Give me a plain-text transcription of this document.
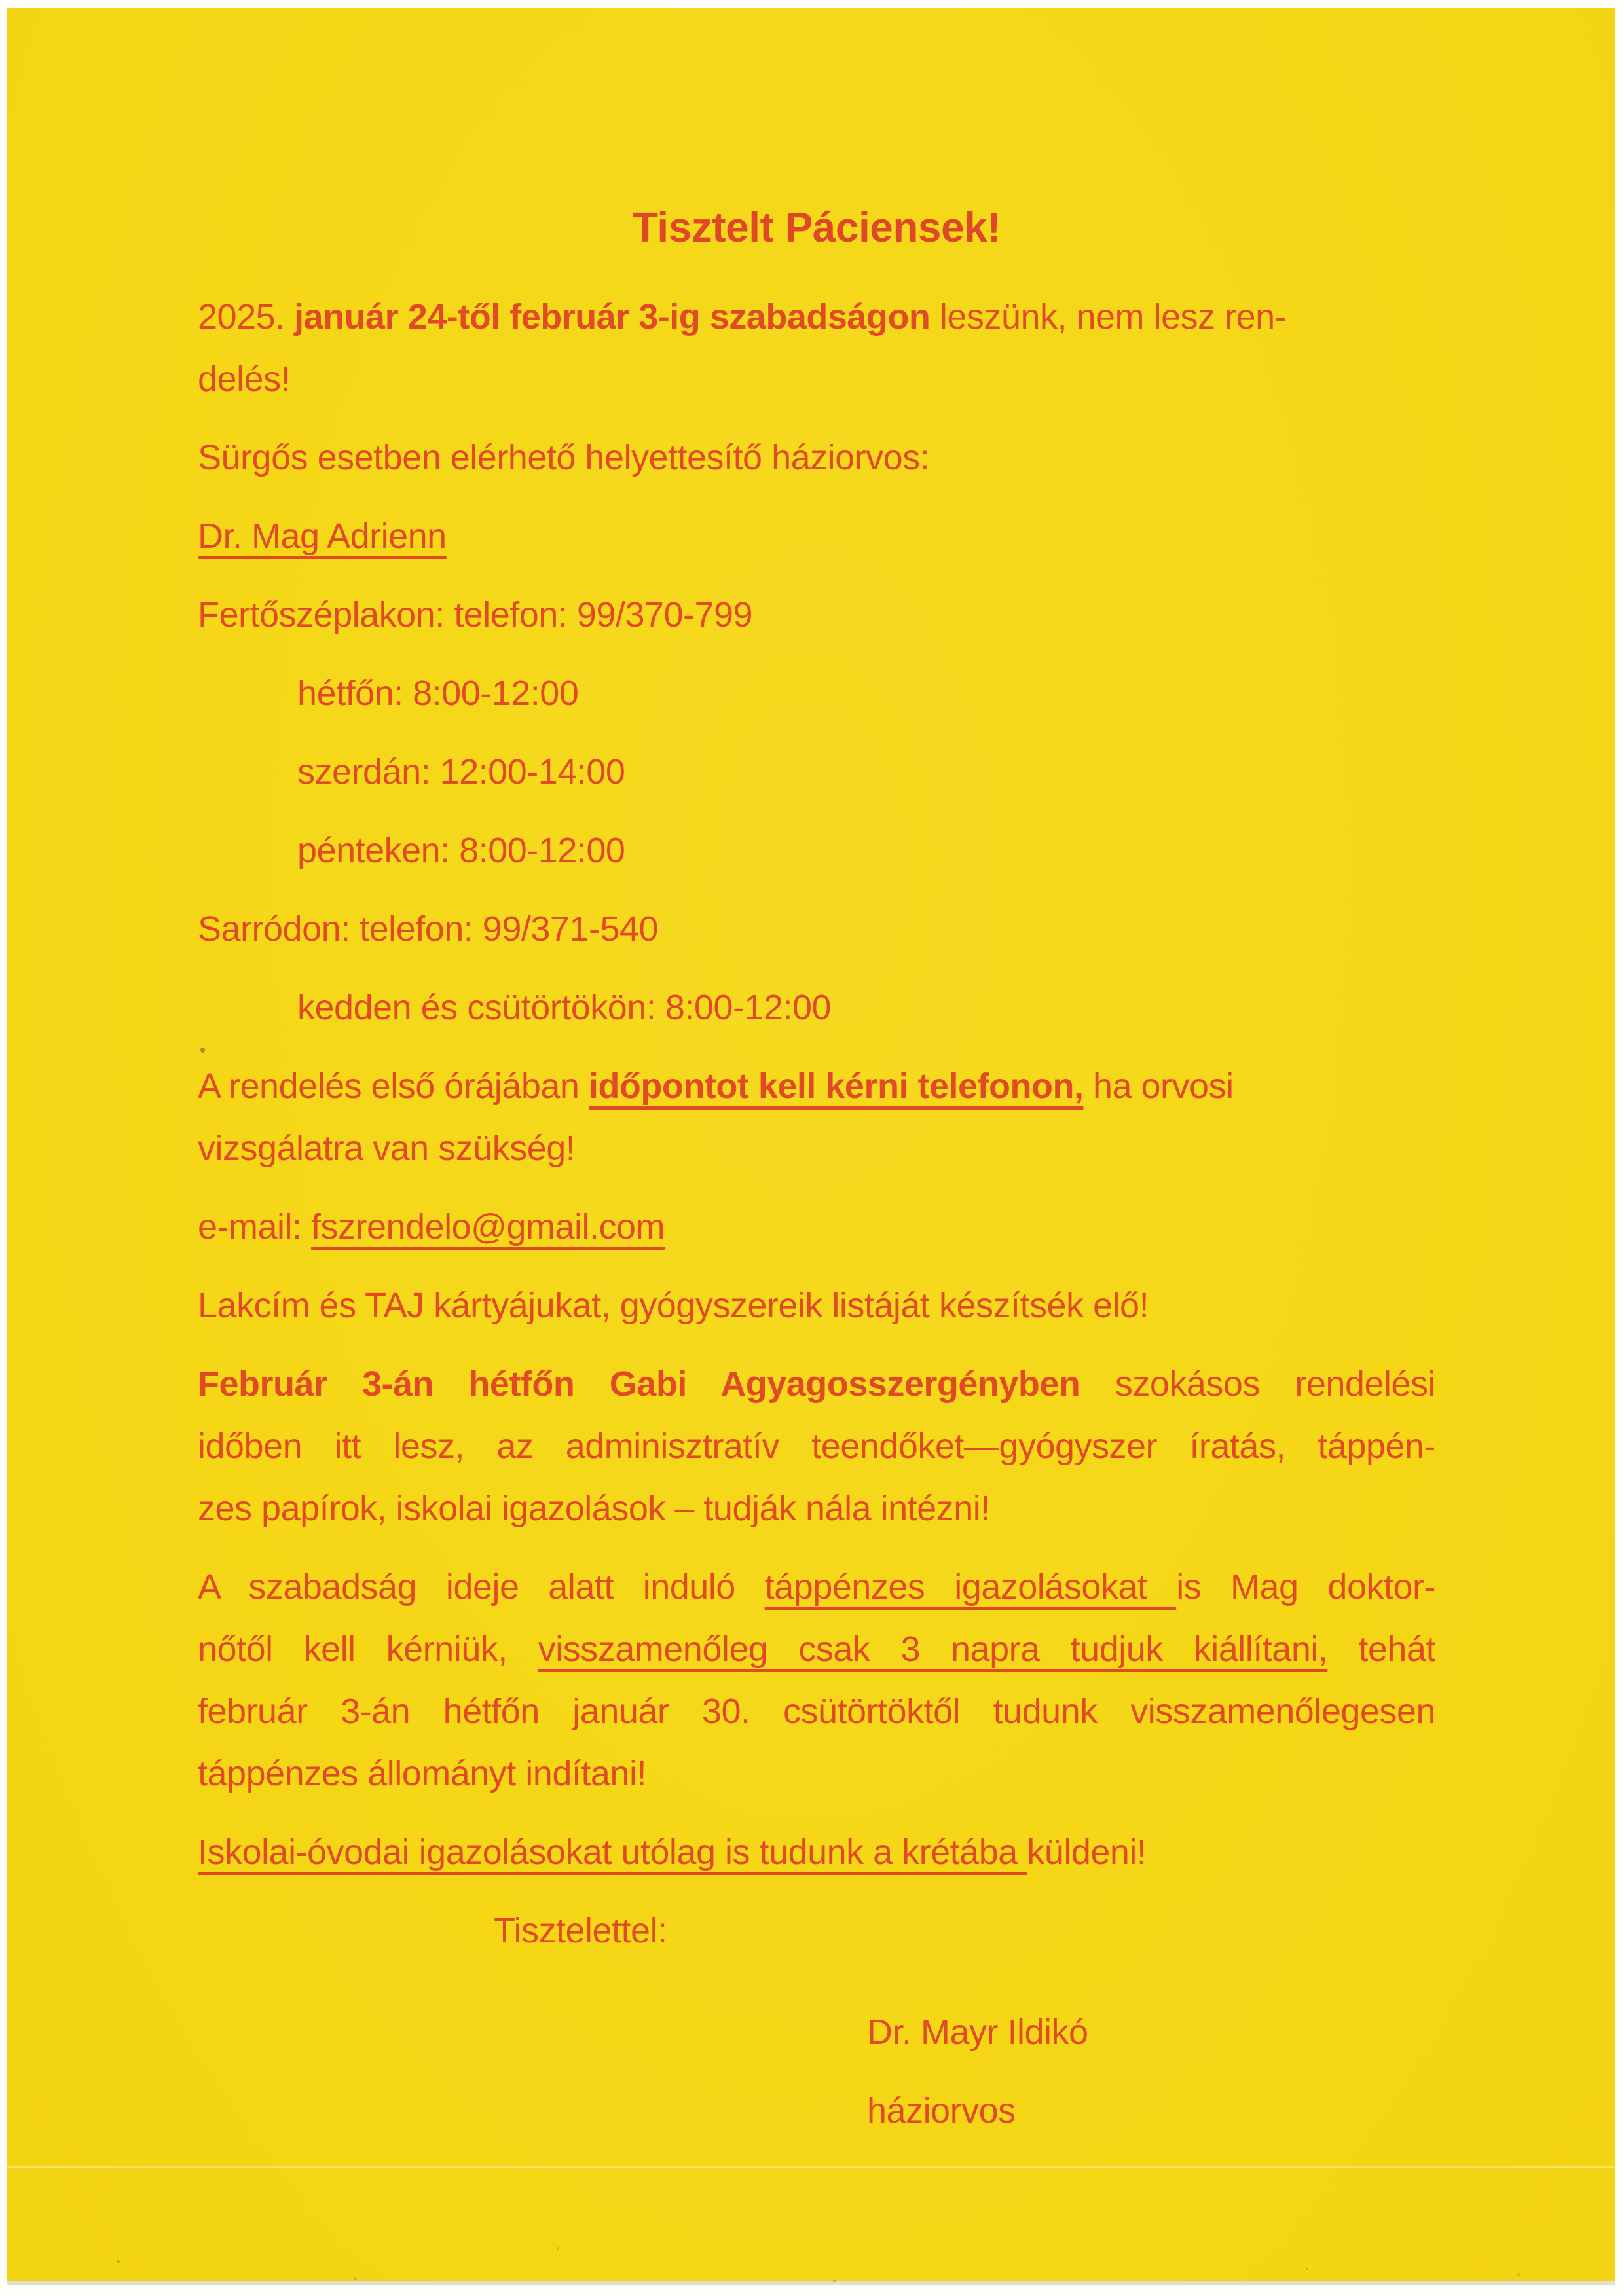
Tisztelt Páciensek!
2025. január 24-től február 3-ig szabadságon leszünk, nem lesz ren-
delés!
Sürgős esetben elérhető helyettesítő háziorvos:
Dr. Mag Adrienn
Fertőszéplakon: telefon: 99/370-799
hétfőn: 8:00-12:00
szerdán: 12:00-14:00
pénteken: 8:00-12:00
Sarródon: telefon: 99/371-540
kedden és csütörtökön: 8:00-12:00
A rendelés első órájában időpontot kell kérni telefonon, ha orvosi
vizsgálatra van szükség!
e-mail: fszrendelo@gmail.com
Lakcím és TAJ kártyájukat, gyógyszereik listáját készítsék elő!
Február 3-án hétfőn Gabi Agyagosszergényben szokásos rendelési
időben itt lesz, az adminisztratív teendőket—gyógyszer íratás, táppén-
zes papírok, iskolai igazolások – tudják nála intézni!
A szabadság ideje alatt induló táppénzes igazolásokat is Mag doktor-
nőtől kell kérniük, visszamenőleg csak 3 napra tudjuk kiállítani, tehát
február 3-án hétfőn január 30. csütörtöktől tudunk visszamenőlegesen
táppénzes állományt indítani!
Iskolai-óvodai igazolásokat utólag is tudunk a krétába küldeni!
Tisztelettel:
Dr. Mayr Ildikó
háziorvos
